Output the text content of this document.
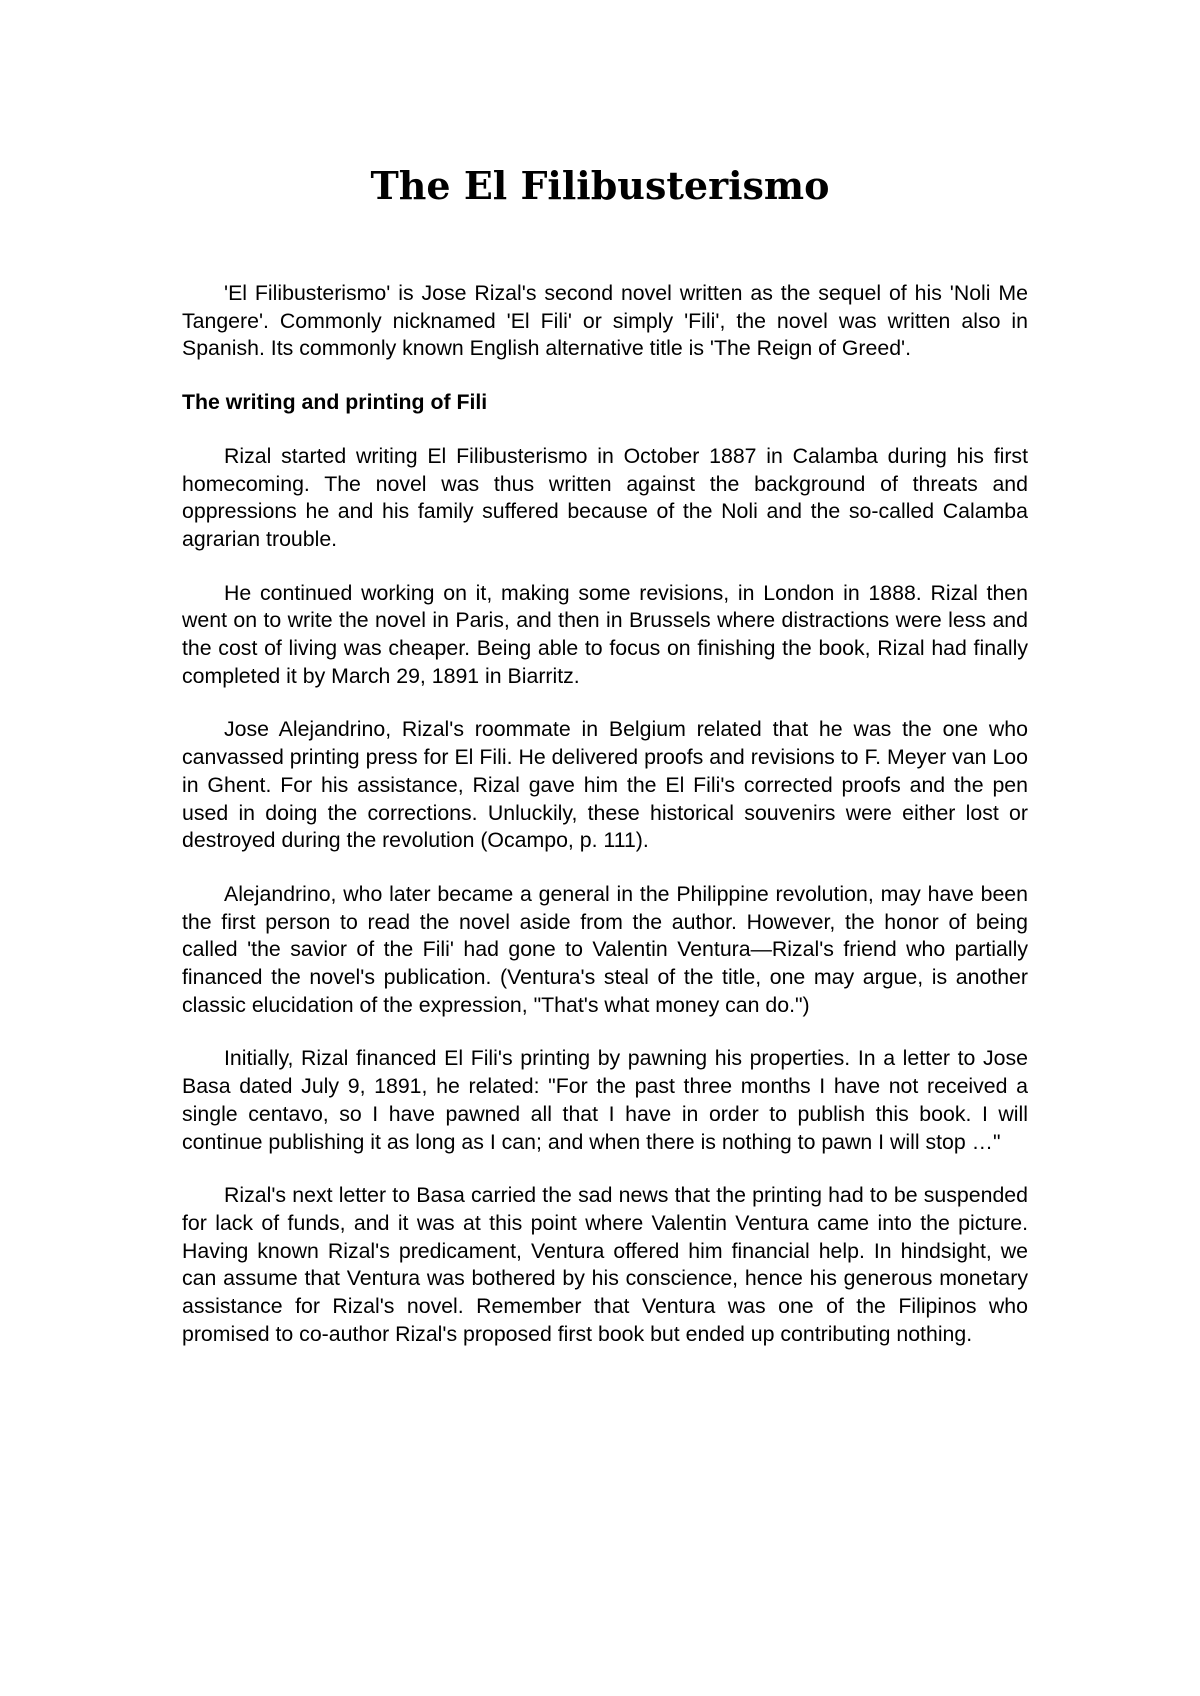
The El Filibusterismo

'El Filibusterismo' is Jose Rizal's second novel written as the sequel of his 'Noli Me Tangere'. Commonly nicknamed 'El Fili' or simply 'Fili', the novel was written also in Spanish. Its commonly known English alternative title is 'The Reign of Greed'.

The writing and printing of Fili

Rizal started writing El Filibusterismo in October 1887 in Calamba during his first homecoming. The novel was thus written against the background of threats and oppressions he and his family suffered because of the Noli and the so-called Calamba agrarian trouble.

He continued working on it, making some revisions, in London in 1888. Rizal then went on to write the novel in Paris, and then in Brussels where distractions were less and the cost of living was cheaper. Being able to focus on finishing the book, Rizal had finally completed it by March 29, 1891 in Biarritz.

Jose Alejandrino, Rizal's roommate in Belgium related that he was the one who canvassed printing press for El Fili. He delivered proofs and revisions to F. Meyer van Loo in Ghent. For his assistance, Rizal gave him the El Fili's corrected proofs and the pen used in doing the corrections. Unluckily, these historical souvenirs were either lost or destroyed during the revolution (Ocampo, p. 111).

Alejandrino, who later became a general in the Philippine revolution, may have been the first person to read the novel aside from the author. However, the honor of being called 'the savior of the Fili' had gone to Valentin Ventura—Rizal's friend who partially financed the novel's publication. (Ventura's steal of the title, one may argue, is another classic elucidation of the expression, "That's what money can do.")

Initially, Rizal financed El Fili's printing by pawning his properties. In a letter to Jose Basa dated July 9, 1891, he related: "For the past three months I have not received a single centavo, so I have pawned all that I have in order to publish this book. I will continue publishing it as long as I can; and when there is nothing to pawn I will stop …"

Rizal's next letter to Basa carried the sad news that the printing had to be suspended for lack of funds, and it was at this point where Valentin Ventura came into the picture. Having known Rizal's predicament, Ventura offered him financial help. In hindsight, we can assume that Ventura was bothered by his conscience, hence his generous monetary assistance for Rizal's novel. Remember that Ventura was one of the Filipinos who promised to co-author Rizal's proposed first book but ended up contributing nothing.
